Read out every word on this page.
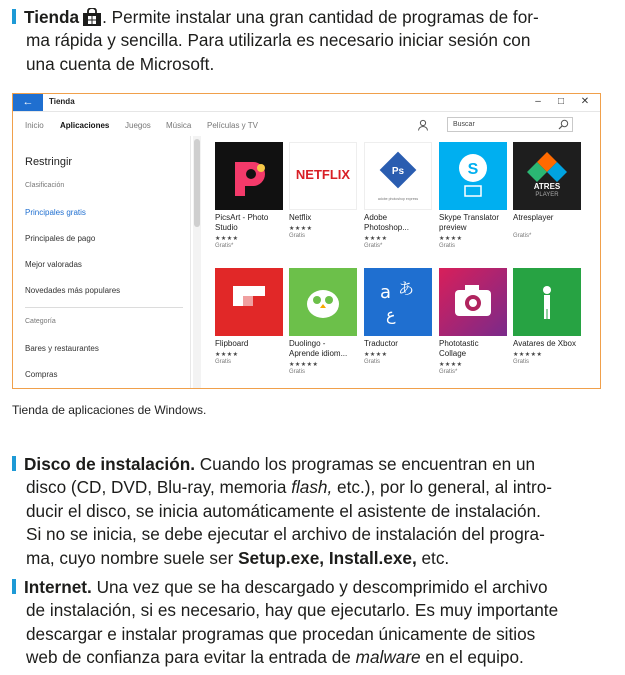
Tienda . Permite instalar una gran cantidad de programas de for-
ma rápida y sencilla. Para utilizarla es necesario iniciar sesión con
una cuenta de Microsoft.
←	Tienda	–	□	✕
Inicio Aplicaciones Juegos Música Películas y TV	Buscar
Restringir
Clasificación
Principales gratis
Principales de pago
Mejor valoradas
Novedades más populares
Categoría
Bares y restaurantes
Compras
NETFLIX	Ps
adobe photoshop express
S
ATRES
PLAYER
a あ
ع
PicsArt - Photo
Studio
★★★★
Gratis*
Netflix
★★★★
Gratis
Adobe
Photoshop...
★★★★
Gratis*
Skype Translator
preview
★★★★
Gratis
Atresplayer
Gratis*
Flipboard
★★★★
Gratis
Duolingo -
Aprende idiom...
★★★★★
Gratis
Traductor
★★★★
Gratis
Phototastic
Collage
★★★★
Gratis*
Avatares de Xbox
★★★★★
Gratis
Tienda de aplicaciones de Windows.
Disco de instalación. Cuando los programas se encuentran en un
disco (CD, DVD, Blu-ray, memoria flash, etc.), por lo general, al intro-
ducir el disco, se inicia automáticamente el asistente de instalación.
Si no se inicia, se debe ejecutar el archivo de instalación del progra-
ma, cuyo nombre suele ser Setup.exe, Install.exe, etc.
Internet. Una vez que se ha descargado y descomprimido el archivo
de instalación, si es necesario, hay que ejecutarlo. Es muy importante
descargar e instalar programas que procedan únicamente de sitios
web de confianza para evitar la entrada de malware en el equipo.
